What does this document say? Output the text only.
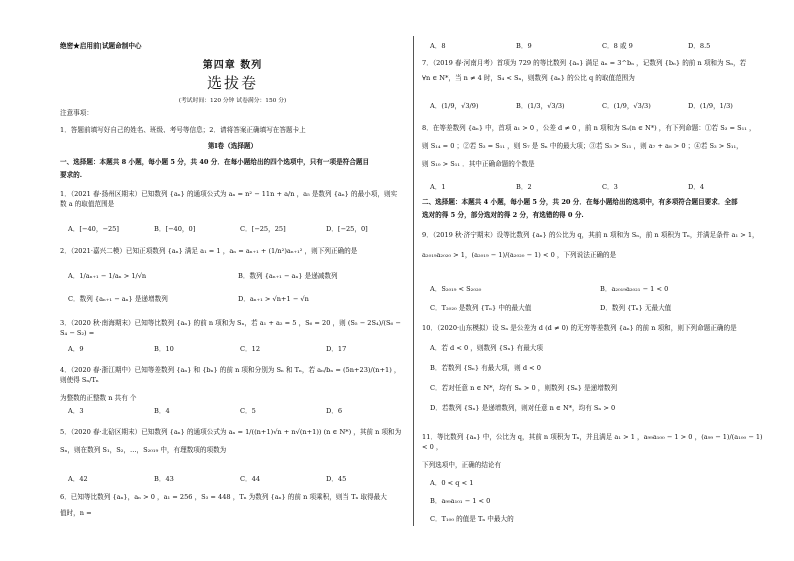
绝密★启用前|试题命制中心
第四章 数列
选拔卷
(考试时间：120 分钟 试卷满分：150 分)
注意事项：
1．答题前填写好自己的姓名、班级、考号等信息；2．请将答案正确填写在答题卡上
第Ⅰ卷（选择题）
一、选择题：本题共 8 小题，每小题 5 分，共 40 分．在每小题给出的四个选项中，只有一项是符合题目
要求的.
1．（2021 春·扬州区期末）已知数列 {aₙ} 的通项公式为 aₙ = n² − 11n + a/n ，a₅ 是数列 {aₙ} 的最小项，则实
数 a 的取值范围是
A．[−40，−25]	B．[−40，0]	C．[−25，25]	D．[−25，0]
2．（2021·嘉兴二模）已知正项数列 {aₙ} 满足 a₁ = 1 ，aₙ = aₙ₊₁ + (1/n²)aₙ₊₁² ，则下列正确的是
A．1/aₙ₊₁ − 1/aₙ > 1/√n	B．数列 {aₙ₊₁ − aₙ} 是递减数列
C．数列 {aₙ₊₁ − aₙ} 是递增数列	D．aₙ₊₁ > √n+1 − √n
3．（2020 秋·南海期末）已知等比数列 {aₙ} 的前 n 项和为 Sₙ，若 a₁ + a₂ = 5 ，S₆ = 20 ，则 (S₅ − 2S₄)/(S₆ − S₄ − S₂) =
A．9	B．10	C．12	D．17
4．（2020 春·浙江期中）已知等差数列 {aₙ} 和 {bₙ} 的前 n 项和分别为 Sₙ 和 Tₙ，若 aₙ/bₙ = (5n+23)/(n+1) ，则使得 Sₙ/Tₙ
为整数的正整数 n 共有 个
A．3	B．4	C．5	D．6
5．（2020 春·北碚区期末）已知数列 {aₙ} 的通项公式为 aₙ = 1/((n+1)√n + n√(n+1)) (n ∈ N*) ，其前 n 项和为
Sₙ，则在数列 S₁，S₂，…，S₂₀₁₉ 中，有理数项的项数为
A．42	B．43	C．44	D．45
6．已知等比数列 {aₙ}，aₙ > 0 ，a₁ = 256 ，S₃ = 448 ，Tₙ 为数列 {aₙ} 的前 n 项乘积，则当 Tₙ 取得最大
值时，n =
A．8	B．9	C．8 或 9	D．8.5
7．（2019 春·河南月考）首项为 729 的等比数列 {aₙ} 满足 aₙ = 3^bₙ ，记数列 {bₙ} 的前 n 项和为 Sₙ，若
∀n ∈ N*，当 n ≠ 4 时，S₄ < Sₙ，则数列 {aₙ} 的公比 q 的取值范围为
A．(1/9，√3/9)	B．(1/3，√3/3)	C．(1/9，√3/3)	D．(1/9，1/3)
8．在等差数列 {aₙ} 中，首项 a₁ > 0 ，公差 d ≠ 0 ，前 n 项和为 Sₙ(n ∈ N*) ，有下列命题：①若 S₃ = S₁₁ ，
则 S₁₄ = 0 ；②若 S₃ = S₁₁ ，则 S₇ 是 Sₙ 中的最大项；③若 S₃ > S₁₁ ，则 a₇ + a₈ > 0 ；④若 S₃ > S₁₁，
则 S₁₀ > S₁₁ ．其中正确命题的个数是
A．1	B．2	C．3	D．4
二、选择题：本题共 4 小题，每小题 5 分，共 20 分．在每小题给出的选项中，有多项符合题目要求．全部
选对的得 5 分，部分选对的得 2 分，有选错的得 0 分.
9．（2019 秋·济宁期末）设等比数列 {aₙ} 的公比为 q，其前 n 项和为 Sₙ，前 n 项积为 Tₙ，并满足条件 a₁ > 1，
a₂₀₁₉a₂₀₂₀ > 1，(a₂₀₁₉ − 1)/(a₂₀₂₀ − 1) < 0 ，下列说法正确的是
A．S₂₀₁₉ < S₂₀₂₀	B．a₂₀₁₉a₂₀₂₁ − 1 < 0
C．T₂₀₂₀ 是数列 {Tₙ} 中的最大值	D．数列 {Tₙ} 无最大值
10．（2020·山东模拟）设 Sₙ 是公差为 d (d ≠ 0) 的无穷等差数列 {aₙ} 的前 n 项和，则下列命题正确的是
A．若 d < 0 ，则数列 {Sₙ} 有最大项
B．若数列 {Sₙ} 有最大项，则 d < 0
C．若对任意 n ∈ N*，均有 Sₙ > 0 ，则数列 {Sₙ} 是递增数列
D．若数列 {Sₙ} 是递增数列，则对任意 n ∈ N*，均有 Sₙ > 0
11．等比数列 {aₙ} 中，公比为 q，其前 n 项积为 Tₙ，并且满足 a₁ > 1 ，a₉₉a₁₀₀ − 1 > 0 ，(a₉₉ − 1)/(a₁₀₀ − 1) < 0 ，
下列选项中，正确的结论有
A．0 < q < 1
B．a₉₉a₁₀₁ − 1 < 0
C．T₁₀₀ 的值是 Tₙ 中最大的
